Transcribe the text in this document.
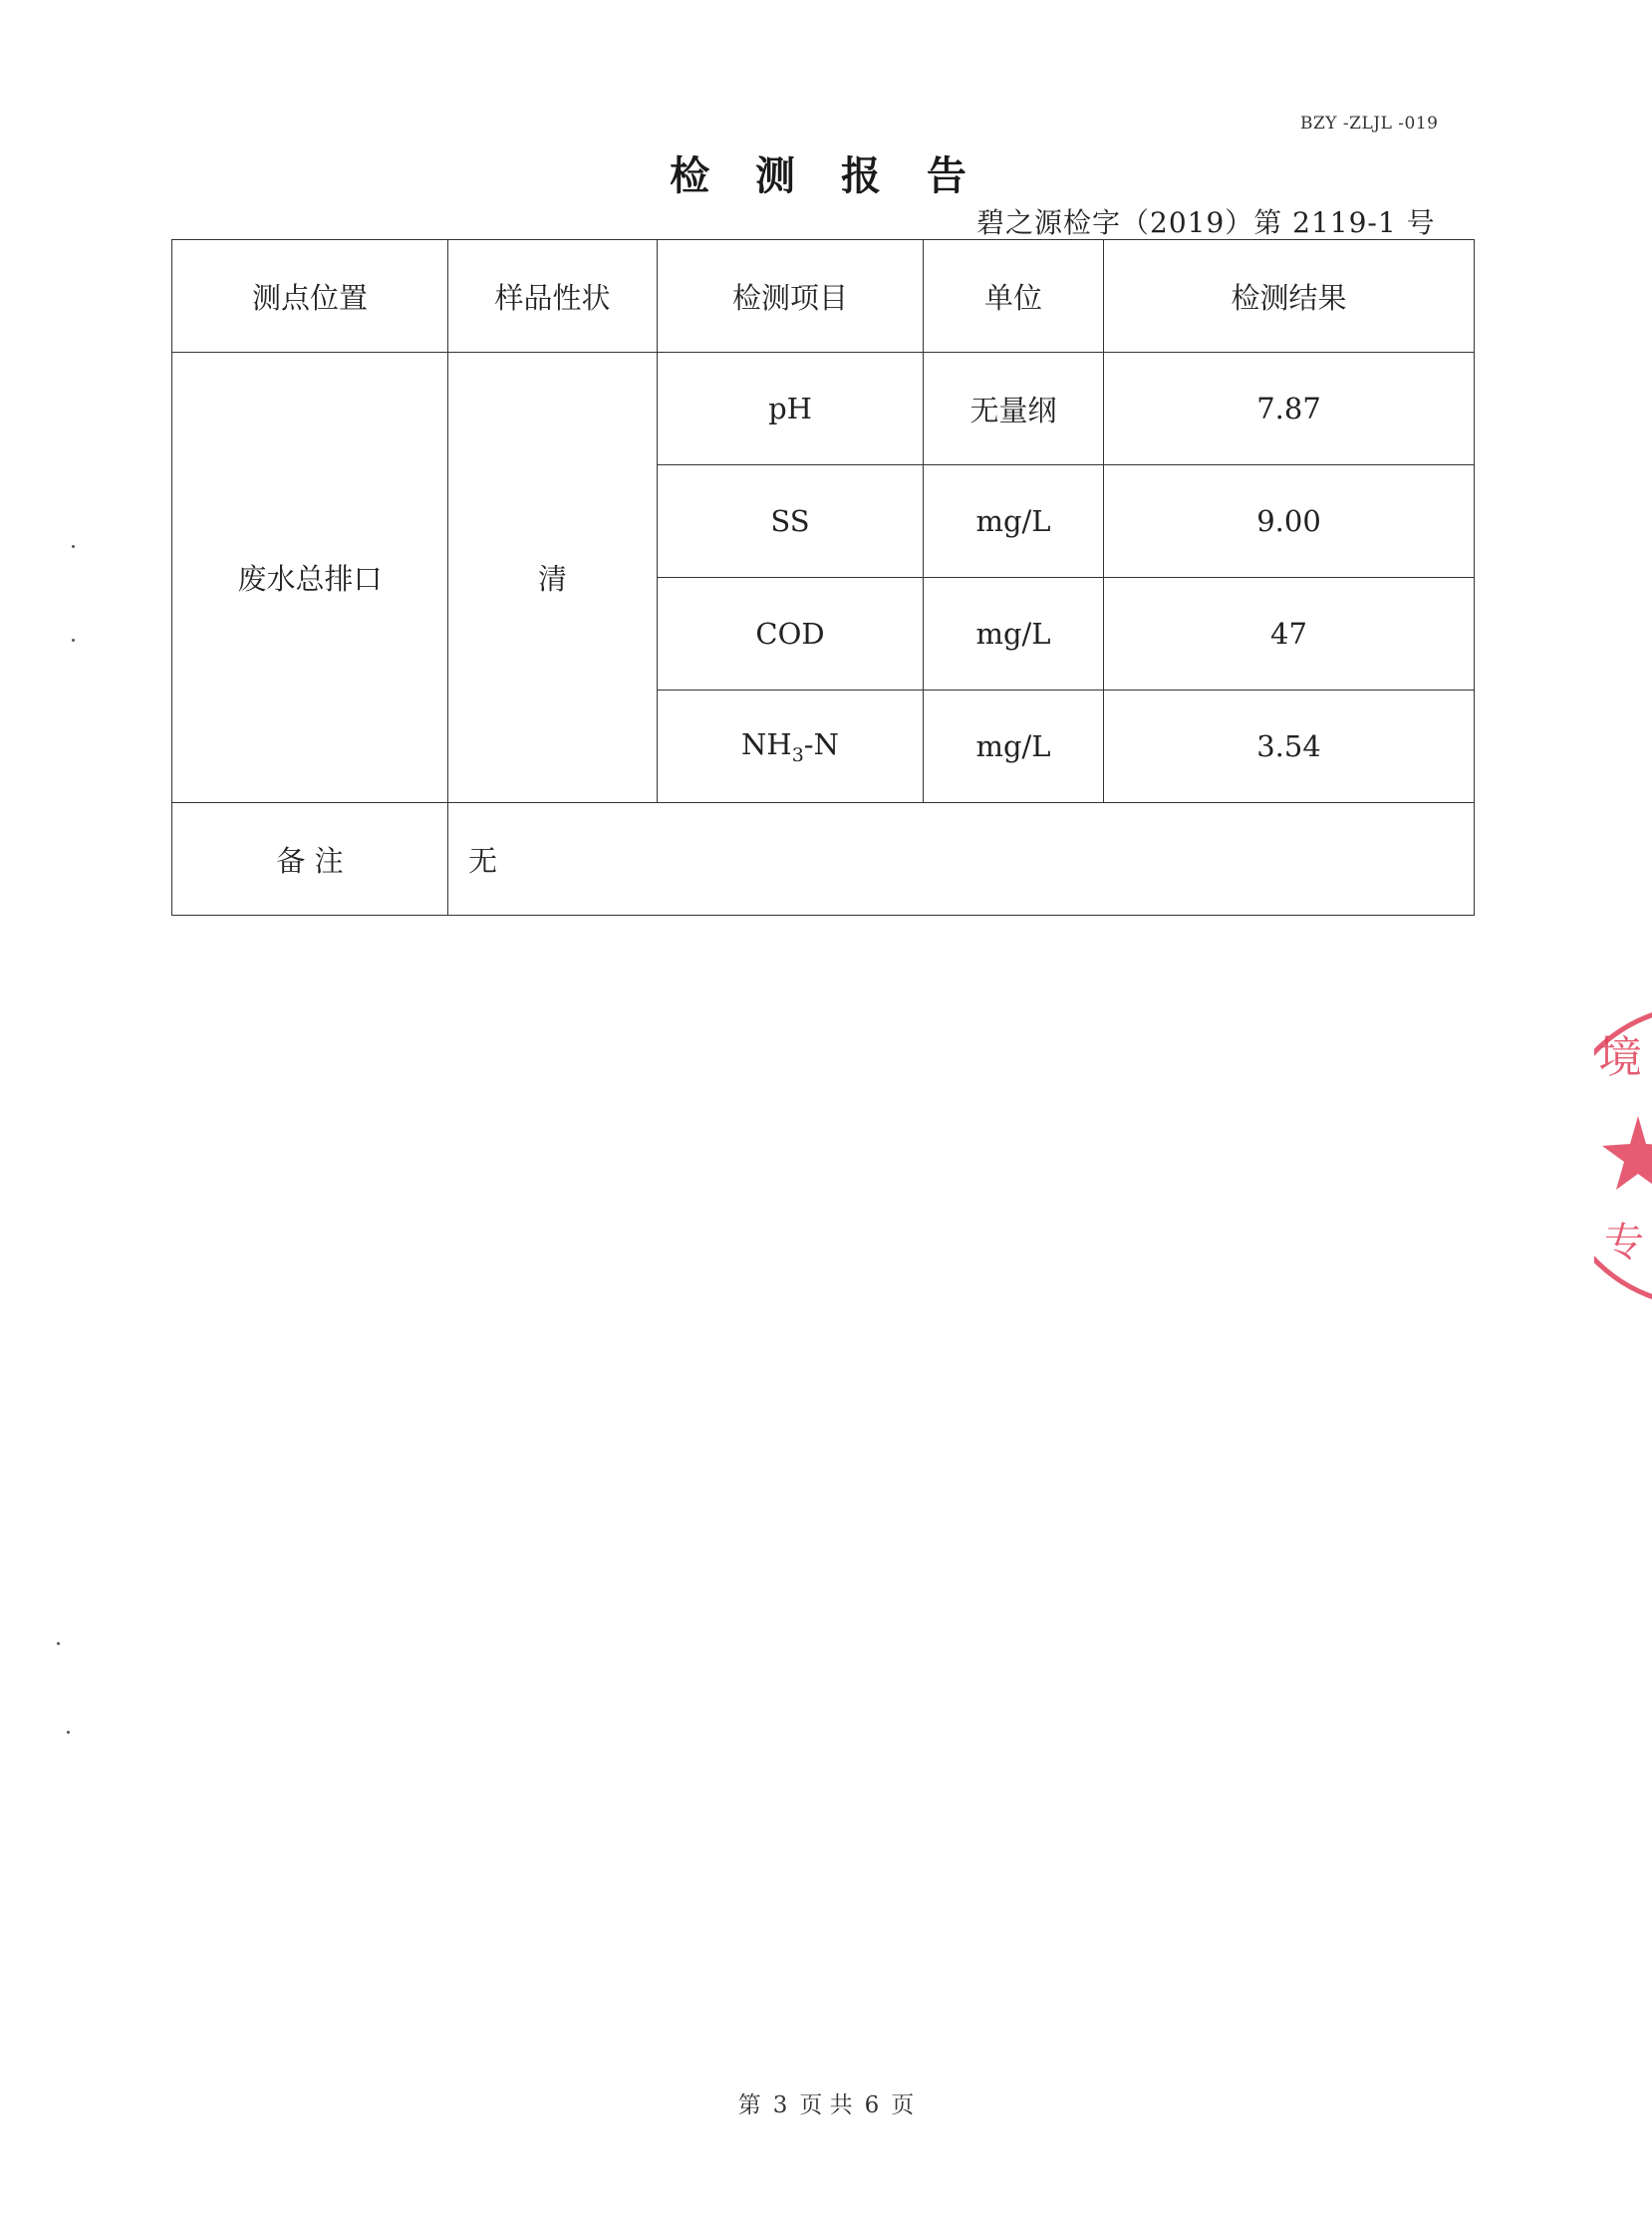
BZY -ZLJL -019
检 测 报 告
碧之源检字（2019）第 2119-1 号
测点位置	样品性状	检测项目	单位	检测结果
废水总排口	清	pH	无量纲	7.87
		SS	mg/L	9.00
		COD	mg/L	47
		$NH_3-N$	mg/L	3.54
备 注	无			
第 3 页 共 6 页
境
专
